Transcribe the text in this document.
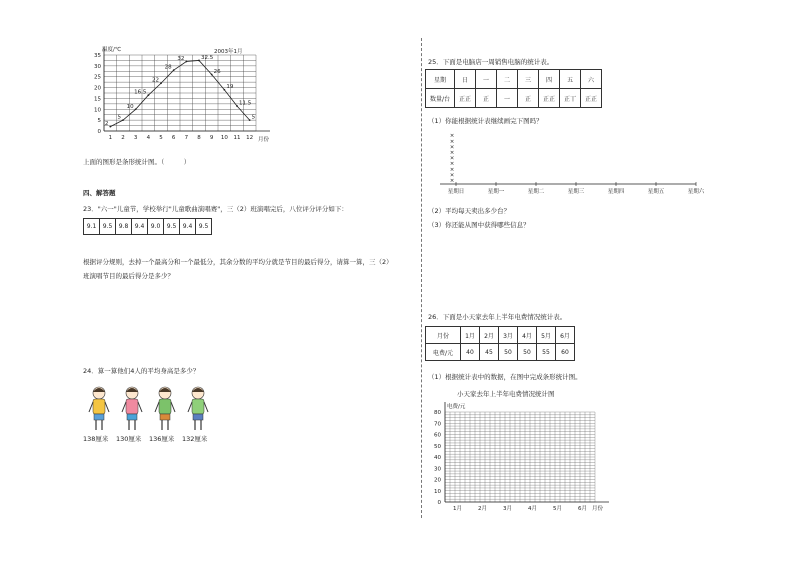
0
5
10
15
20
25
30
35
1 2 3 4 5 6 7 8 9 10 11 12
2
5
10
16.5
22
28
32	32.5
26
19
11.5
5
温度/℃	2003年1月
月份
上面的图形是条形统计图。（　　　）
四、解答题
23．"六一"儿童节，学校举行"儿童歌曲演唱赛"，三（2）班演唱完后，八位评分评分如下：
9.1	9.5	9.8	9.4	9.0	9.5	9.4	9.5
根据评分规则，去掉一个最高分和一个最低分，其余分数的平均分就是节目的最后得分，请算一算，三（2）
班演唱节目的最后得分是多少？
24．算一算他们4人的平均身高是多少？
138厘米	130厘米	136厘米	132厘米
25．下面是电脑店一周销售电脑的统计表。
星期	日	一	二	三	四	五	六
数量/台	正正	正	一	正	正正	正丅	正正
（1）你能根据统计表继续画完下图吗？
×
×
×
×
×
×
×
×
×
星期日	星期一	星期二	星期三	星期四	星期五	星期六
（2）平均每天卖出多少台？
（3）你还能从图中获得哪些信息？
26．下面是小天家去年上半年电费情况统计表。
月份	1月	2月	3月	4月	5月	6月
电费/元	40	45	50	50	55	60
（1）根据统计表中的数据，在图中完成条形统计图。
小天家去年上半年电费情况统计图
0
10
20
30
40
50
60
70
80
1月	2月	3月	4月	5月	6月
电费/元
月份
